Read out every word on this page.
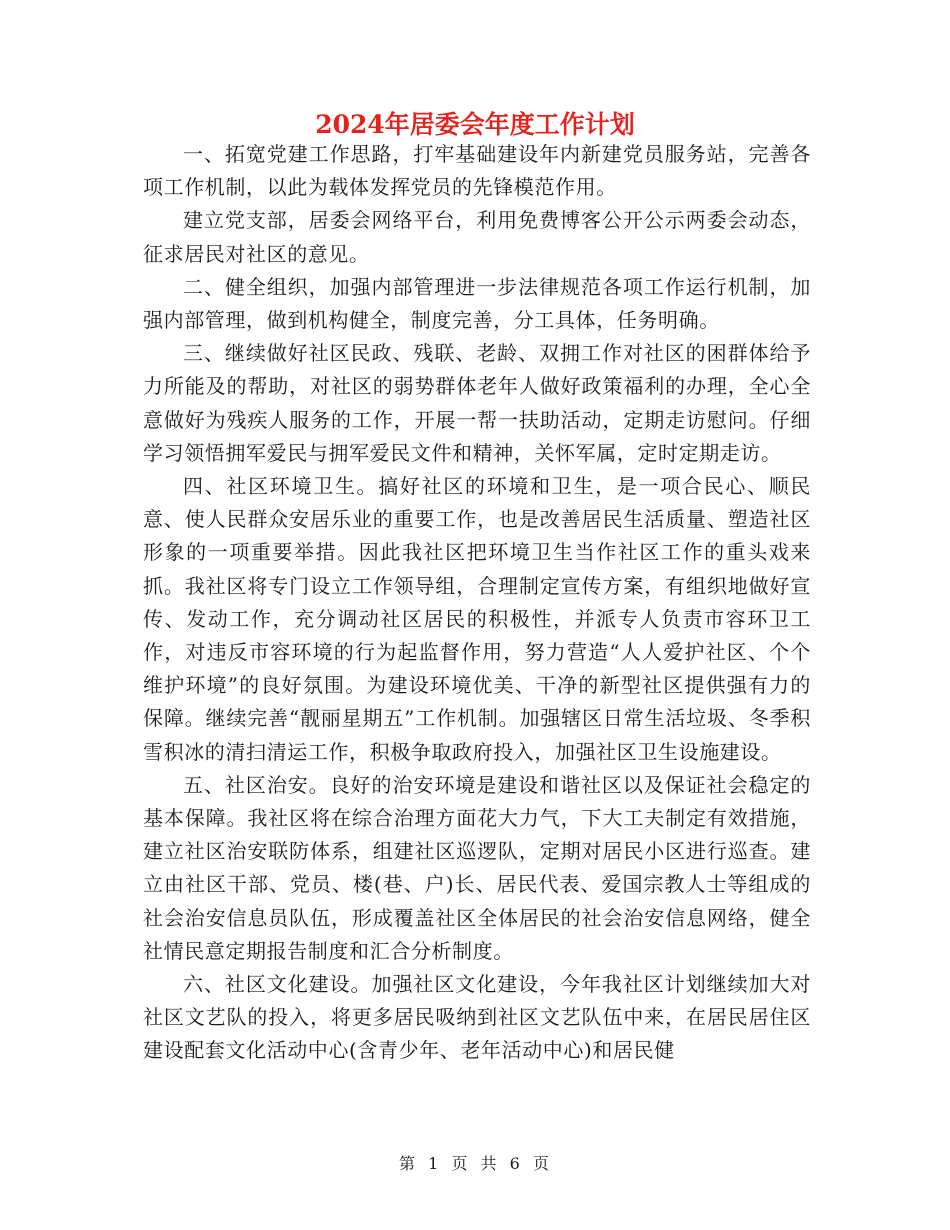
2024年居委会年度工作计划

一、拓宽党建工作思路，打牢基础建设年内新建党员服务站，完善各项工作机制，以此为载体发挥党员的先锋模范作用。

建立党支部，居委会网络平台，利用免费博客公开公示两委会动态，征求居民对社区的意见。

二、健全组织，加强内部管理进一步法律规范各项工作运行机制，加强内部管理，做到机构健全，制度完善，分工具体，任务明确。

三、继续做好社区民政、残联、老龄、双拥工作对社区的困群体给予力所能及的帮助，对社区的弱势群体老年人做好政策福利的办理，全心全意做好为残疾人服务的工作，开展一帮一扶助活动，定期走访慰问。仔细学习领悟拥军爱民与拥军爱民文件和精神，关怀军属，定时定期走访。

四、社区环境卫生。搞好社区的环境和卫生，是一项合民心、顺民意、使人民群众安居乐业的重要工作，也是改善居民生活质量、塑造社区形象的一项重要举措。因此我社区把环境卫生当作社区工作的重头戏来抓。我社区将专门设立工作领导组，合理制定宣传方案，有组织地做好宣传、发动工作，充分调动社区居民的积极性，并派专人负责市容环卫工作，对违反市容环境的行为起监督作用，努力营造“人人爱护社区、个个维护环境”的良好氛围。为建设环境优美、干净的新型社区提供强有力的保障。继续完善“靓丽星期五”工作机制。加强辖区日常生活垃圾、冬季积雪积冰的清扫清运工作，积极争取政府投入，加强社区卫生设施建设。

五、社区治安。良好的治安环境是建设和谐社区以及保证社会稳定的基本保障。我社区将在综合治理方面花大力气，下大工夫制定有效措施，建立社区治安联防体系，组建社区巡逻队，定期对居民小区进行巡查。建立由社区干部、党员、楼(巷、户)长、居民代表、爱国宗教人士等组成的社会治安信息员队伍，形成覆盖社区全体居民的社会治安信息网络，健全社情民意定期报告制度和汇合分析制度。

六、社区文化建设。加强社区文化建设，今年我社区计划继续加大对社区文艺队的投入，将更多居民吸纳到社区文艺队伍中来，在居民居住区建设配套文化活动中心(含青少年、老年活动中心)和居民健

第 1 页 共 6 页
